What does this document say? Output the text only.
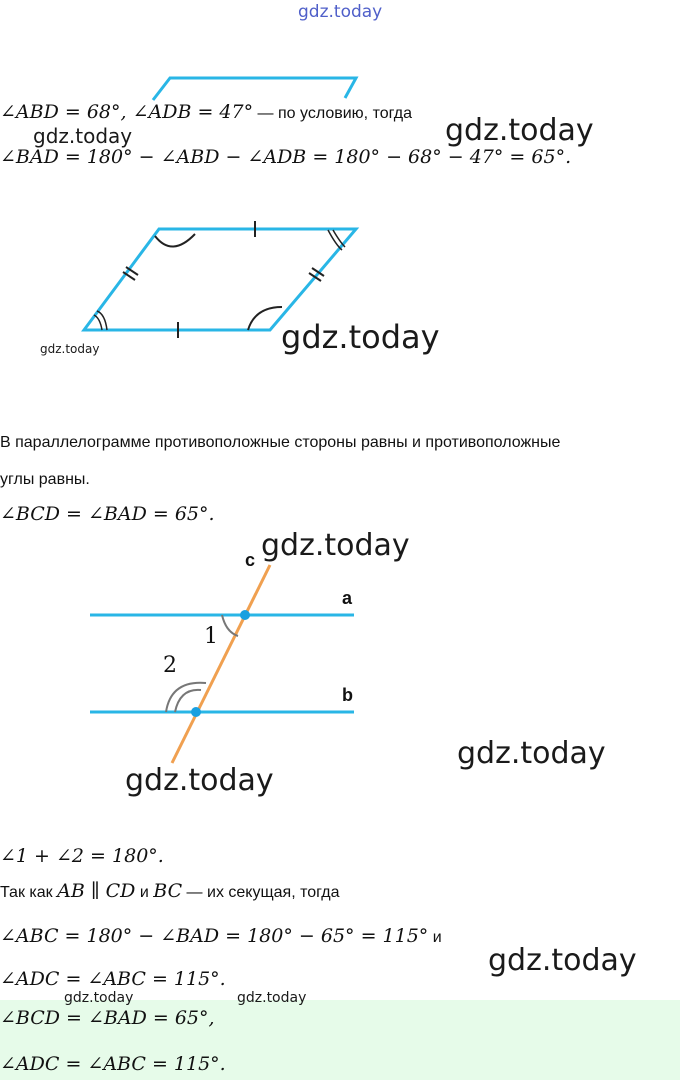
gdz.today
∠ABD = 68°, ∠ADB = 47° — по условию, тогда
gdz.today	gdz.today
∠BAD = 180° − ∠ABD − ∠ADB = 180° − 68° − 47° = 65°.
gdz.today
gdz.today
В параллелограмме противоположные стороны равны и противоположные
углы равны.
∠BCD = ∠BAD = 65°.
gdz.today
c
a
b
1
2
gdz.today
gdz.today
∠1 + ∠2 = 180°.
Так как AB ∥ CD и BC — их секущая, тогда
∠ABC = 180° − ∠BAD = 180° − 65° = 115° и
gdz.today
∠ADC = ∠ABC = 115°.
gdz.today	gdz.today
∠BCD = ∠BAD = 65°,
∠ADC = ∠ABC = 115°.
